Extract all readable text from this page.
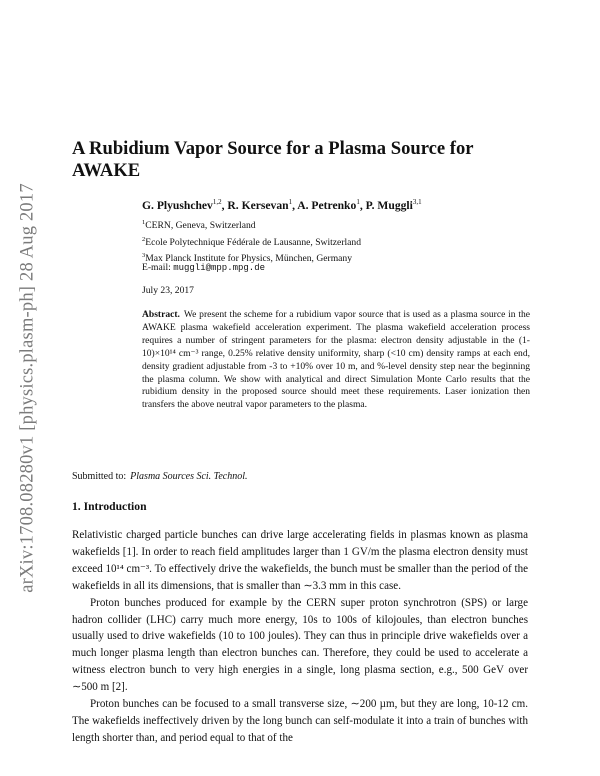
arXiv:1708.08280v1 [physics.plasm-ph] 28 Aug 2017
A Rubidium Vapor Source for a Plasma Source for AWAKE
G. Plyushchev$^{1,2}$, R. Kersevan$^1$, A. Petrenko$^1$, P. Muggli$^{3,1}$
$^1$CERN, Geneva, Switzerland
$^2$Ecole Polytechnique Fédérale de Lausanne, Switzerland
$^3$Max Planck Institute for Physics, München, Germany
E-mail: muggli@mpp.mpg.de
July 23, 2017

Abstract. We present the scheme for a rubidium vapor source that is used as a plasma source in the AWAKE plasma wakefield acceleration experiment. The plasma wakefield acceleration process requires a number of stringent parameters for the plasma: electron density adjustable in the (1-10)×10¹⁴ cm⁻³ range, 0.25% relative density uniformity, sharp (<10 cm) density ramps at each end, density gradient adjustable from -3 to +10% over 10 m, and %-level density step near the beginning the plasma column. We show with analytical and direct Simulation Monte Carlo results that the rubidium density in the proposed source should meet these requirements. Laser ionization then transfers the above neutral vapor parameters to the plasma.

Submitted to: Plasma Sources Sci. Technol.
1. Introduction

Relativistic charged particle bunches can drive large accelerating fields in plasmas known as plasma wakefields [1]. In order to reach field amplitudes larger than 1 GV/m the plasma electron density must exceed 10¹⁴ cm⁻³. To effectively drive the wakefields, the bunch must be smaller than the period of the wakefields in all its dimensions, that is smaller than ∼3.3 mm in this case.

Proton bunches produced for example by the CERN super proton synchrotron (SPS) or large hadron collider (LHC) carry much more energy, 10s to 100s of kilojoules, than electron bunches usually used to drive wakefields (10 to 100 joules). They can thus in principle drive wakefields over a much longer plasma length than electron bunches can. Therefore, they could be used to accelerate a witness electron bunch to very high energies in a single, long plasma section, e.g., 500 GeV over ∼500 m [2].

Proton bunches can be focused to a small transverse size, ∼200 µm, but they are long, 10-12 cm. The wakefields ineffectively driven by the long bunch can self-modulate it into a train of bunches with length shorter than, and period equal to that of the
